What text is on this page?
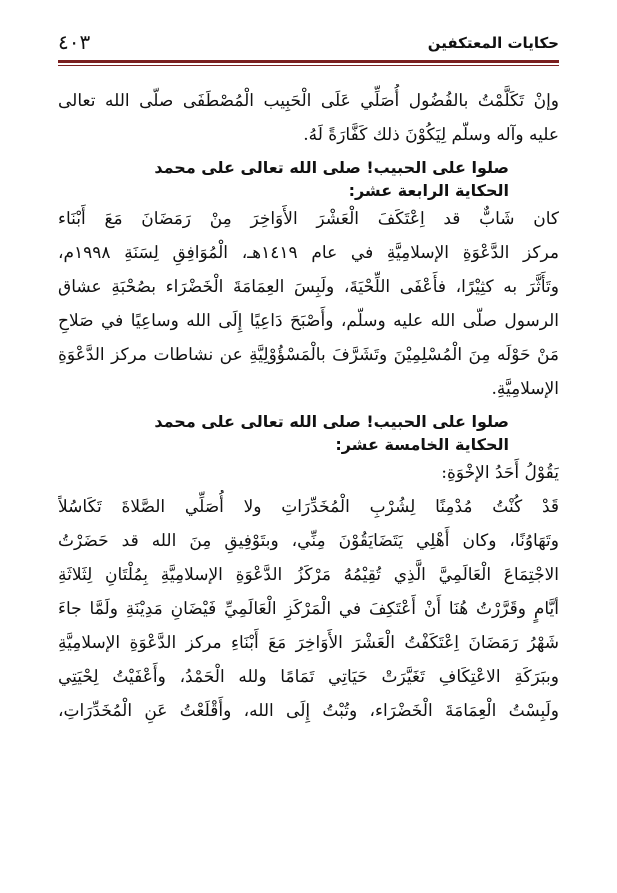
حكايات المعتكفين
٤٠٣
وإنْ تَكَلَّمْتُ بالفُضُول أُصَلِّي عَلَى الْحَبِيب الْمُصْطَفَى صلّى الله تعالى
عليه وآله وسلّم لِيَكُوْنَ ذلك كَفَّارَةً لَهُ.
صلوا على الحبيب! صلى الله تعالى على محمد
الحكاية الرابعة عشر:
كان شَابٌّ قد اِعْتَكَفَ الْعَشْرَ الأَوَاخِرَ مِنْ رَمَضَانَ مَعَ أَبْنَاء
مركز الدَّعْوَةِ الإسلامِيَّةِ في عام ١٤١٩هـ، الْمُوَافِقِ لِسَنَةِ ١٩٩٨م،
وتَأَثَّرَ به كثِيْرًا، فأَعْفَى اللِّحْيَةَ، ولَبِسَ العِمَامَةَ الْخَضْرَاء بصُحْبَةِ عشاق
الرسول صلّى الله عليه وسلّم، وأَصْبَحَ دَاعِيًا إِلَى الله وساعِيًا في صَلاحِ
مَنْ حَوْلَه مِنَ الْمُسْلِمِيْنَ وتَشَرَّفَ بالْمَسْؤُوْلِيَّةِ عن نشاطات مركز الدَّعْوَةِ
الإسلامِيَّةِ.
صلوا على الحبيب! صلى الله تعالى على محمد
الحكاية الخامسة عشر:
يَقُوْلُ أَحَدُ الإخْوَةِ:
قَدْ كُنْتُ مُدْمِنًا لِشُرْبِ الْمُخَدِّرَاتِ ولا أُصَلِّي الصَّلاةَ تَكَاسُلاً
وتَهَاوُنًا، وكان أَهْلِي يَتَضَايَقُوْنَ مِنِّي، وبتَوْفِيقِ مِنَ الله قد حَضَرْتُ
الاجْتِمَاعَ الْعَالَمِيَّ الَّذِي تُقِيْمُهُ مَرْكَزُ الدَّعْوَةِ الإسلامِيَّةِ بِمُلْتَانِ لِثَلاثَةِ
أيَّامٍ وقَرَّرْتُ هُنَا أَنْ أَعْتَكِفَ في الْمَرْكَزِ الْعَالَمِيِّ فَيْضَانِ مَدِيْنَةِ ولَمَّا جاءَ
شَهْرُ رَمَضَانَ اِعْتَكَفْتُ الْعَشْرَ الأَوَاخِرَ مَعَ أَبْنَاءِ مركز الدَّعْوَةِ الإسلامِيَّةِ
وببَرَكَةِ الاعْتِكَافِ تَغَيَّرَتْ حَيَاتِي تَمَامًا ولله الْحَمْدُ، وأَعْفَيْتُ لِحْيَتِي
ولَبِسْتُ الْعِمَامَةَ الْخَضْرَاء، وتُبْتُ إِلَى الله، وأَقْلَعْتُ عَنِ الْمُخَدِّرَاتِ،
